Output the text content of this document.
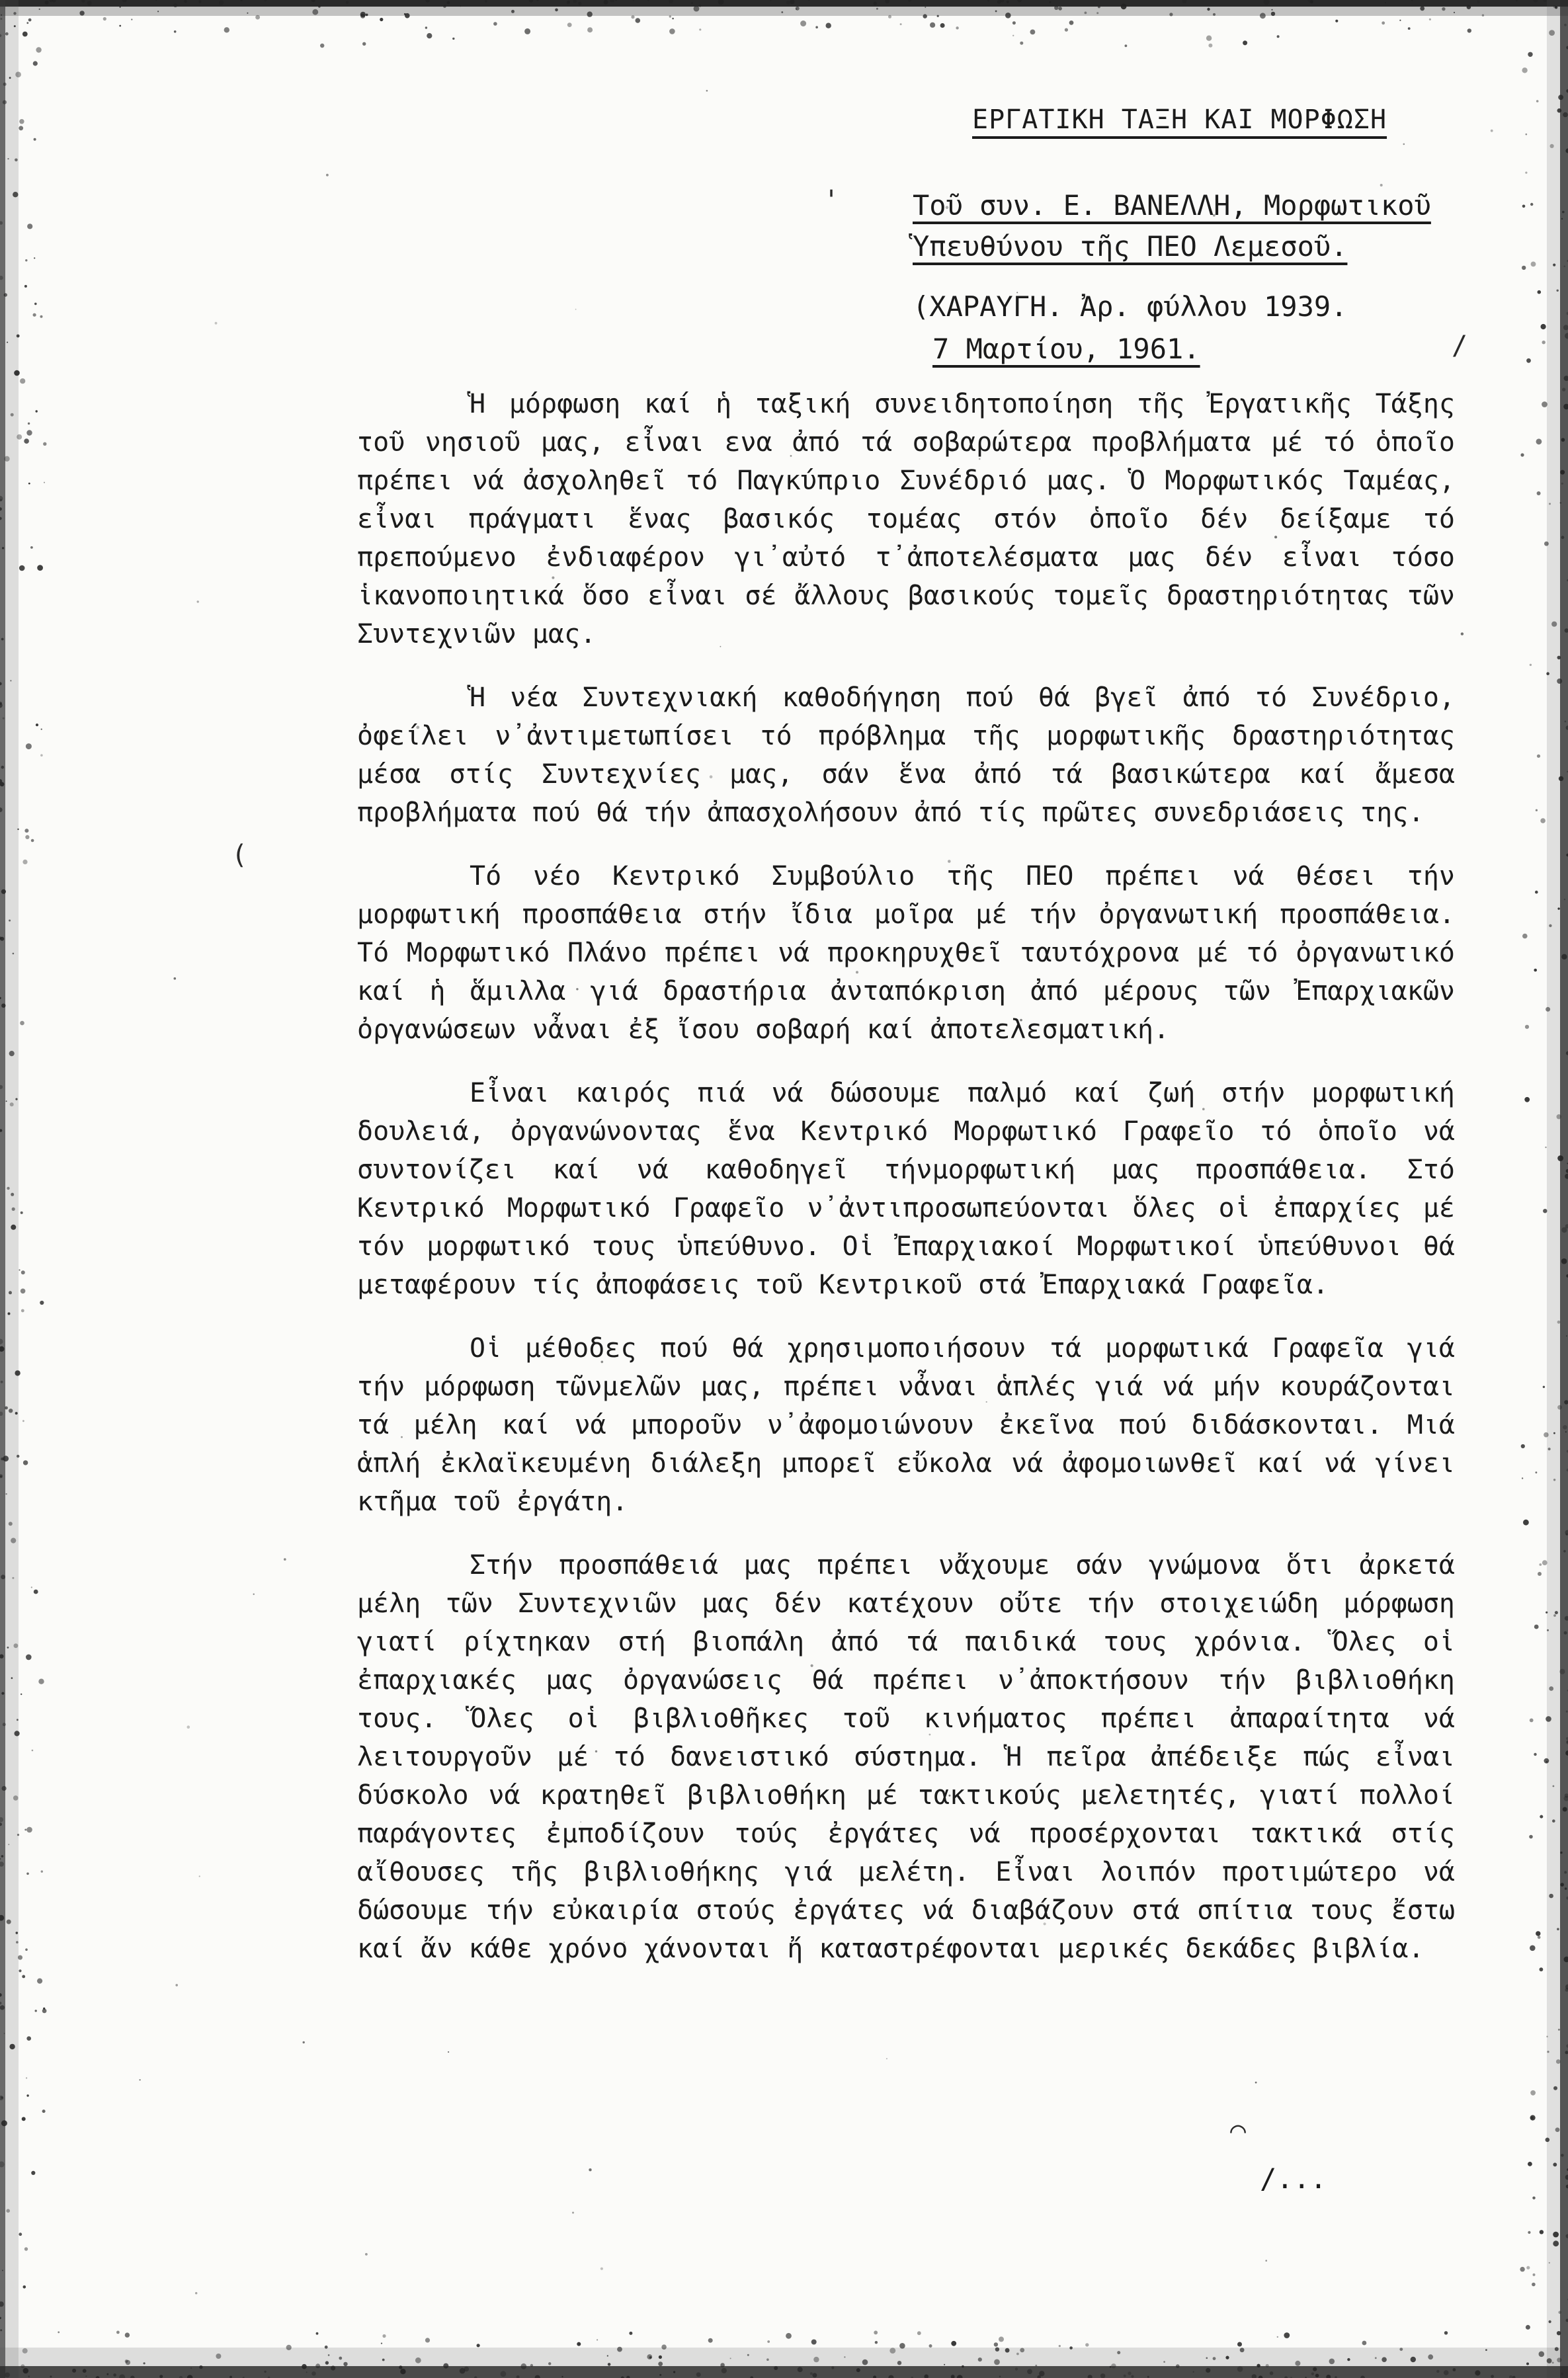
ΕΡΓΑΤΙΚΗ ΤΑΞΗ ΚΑΙ ΜΟΡΦΩΣΗ
Τοῦ συν. Ε. ΒΑΝΕΛΛΗ, Μορφωτικοῦ
Ὑπευθύνου τῆς ΠΕΟ Λεμεσοῦ.
(ΧΑΡΑΥΓΗ. Ἀρ. φύλλου 1939.
7 Μαρτίου, 1961.

Ἡ μόρφωση καί ἡ ταξική συνειδητοποίηση τῆς Ἐργατικῆς Τάξης τοῦ νησιοῦ μας, εἶναι ενα ἀπό τά σοβαρώτερα προβλήματα μέ τό ὁποῖο πρέπει νά ἀσχοληθεῖ τό Παγκύπριο Συνέδριό μας. Ὁ Μορφωτικός Ταμέας, εἶναι πράγματι ἕνας βασικός τομέας στόν ὁποῖο δέν δείξαμε τό πρεπούμενο ἐνδιαφέρον γι᾽αὐτό τ᾽ἀποτελέσματα μας δέν εἶναι τόσο ἱκανοποιητικά ὅσο εἶναι σέ ἄλλους βασικούς τομεῖς δραστηριότητας τῶν Συντεχνιῶν μας.

Ἡ νέα Συντεχνιακή καθοδήγηση πού θά βγεῖ ἀπό τό Συνέδριο, ὀφείλει ν᾽ἀντιμετωπίσει τό πρόβλημα τῆς μορφωτικῆς δραστηριότητας μέσα στίς Συντεχνίες μας, σάν ἕνα ἀπό τά βασικώτερα καί ἄμεσα προβλήματα πού θά τήν ἀπασχολήσουν ἀπό τίς πρῶτες συνεδριάσεις της.

Τό νέο Κεντρικό Συμβούλιο τῆς ΠΕΟ πρέπει νά θέσει τήν μορφωτική προσπάθεια στήν ἴδια μοῖρα μέ τήν ὀργανωτική προσπάθεια. Τό Μορφωτικό Πλάνο πρέπει νά προκηρυχθεῖ ταυτόχρονα μέ τό ὀργανωτικό καί ἡ ἅμιλλα γιά δραστήρια ἀνταπόκριση ἀπό μέρους τῶν Ἐπαρχιακῶν ὀργανώσεων νἆναι ἐξ ἴσου σοβαρή καί ἀποτελεσματική.

Εἶναι καιρός πιά νά δώσουμε παλμό καί ζωή στήν μορφωτική δουλειά, ὀργανώνοντας ἕνα Κεντρικό Μορφωτικό Γραφεῖο τό ὁποῖο νά συντονίζει καί νά καθοδηγεῖ τήνμορφωτική μας προσπάθεια. Στό Κεντρικό Μορφωτικό Γραφεῖο ν᾽ἀντιπροσωπεύονται ὅλες οἱ ἐπαρχίες μέ τόν μορφωτικό τους ὑπεύθυνο. Οἱ Ἐπαρχιακοί Μορφωτικοί ὑπεύθυνοι θά μεταφέρουν τίς ἀποφάσεις τοῦ Κεντρικοῦ στά Ἐπαρχιακά Γραφεῖα.

Οἱ μέθοδες πού θά χρησιμοποιήσουν τά μορφωτικά Γραφεῖα γιά τήν μόρφωση τῶνμελῶν μας, πρέπει νἆναι ἁπλές γιά νά μήν κουράζονται τά μέλη καί νά μποροῦν ν᾽ἀφομοιώνουν ἐκεῖνα πού διδάσκονται. Μιά ἁπλή ἐκλαϊκευμένη διάλεξη μπορεῖ εὔκολα νά ἀφομοιωνθεῖ καί νά γίνει κτῆμα τοῦ ἐργάτη.

Στήν προσπάθειά μας πρέπει νἄχουμε σάν γνώμονα ὅτι ἀρκετά μέλη τῶν Συντεχνιῶν μας δέν κατέχουν οὔτε τήν στοιχειώδη μόρφωση γιατί ρίχτηκαν στή βιοπάλη ἀπό τά παιδικά τους χρόνια. Ὅλες οἱ ἐπαρχιακές μας ὀργανώσεις θά πρέπει ν᾽ἀποκτήσουν τήν βιβλιοθήκη τους. Ὅλες οἱ βιβλιοθῆκες τοῦ κινήματος πρέπει ἀπαραίτητα νά λειτουργοῦν μέ τό δανειστικό σύστημα. Ἡ πεῖρα ἀπέδειξε πώς εἶναι δύσκολο νά κρατηθεῖ βιβλιοθήκη μέ τακτικούς μελετητές, γιατί πολλοί παράγοντες ἐμποδίζουν τούς ἐργάτες νά προσέρχονται τακτικά στίς αἴθουσες τῆς βιβλιοθήκης γιά μελέτη. Εἶναι λοιπόν προτιμώτερο νά δώσουμε τήν εὐκαιρία στούς ἐργάτες νά διαβάζουν στά σπίτια τους ἔστω καί ἄν κάθε χρόνο χάνονται ἤ καταστρέφονται μερικές δεκάδες βιβλία.

/...
'
/
(
⌒
